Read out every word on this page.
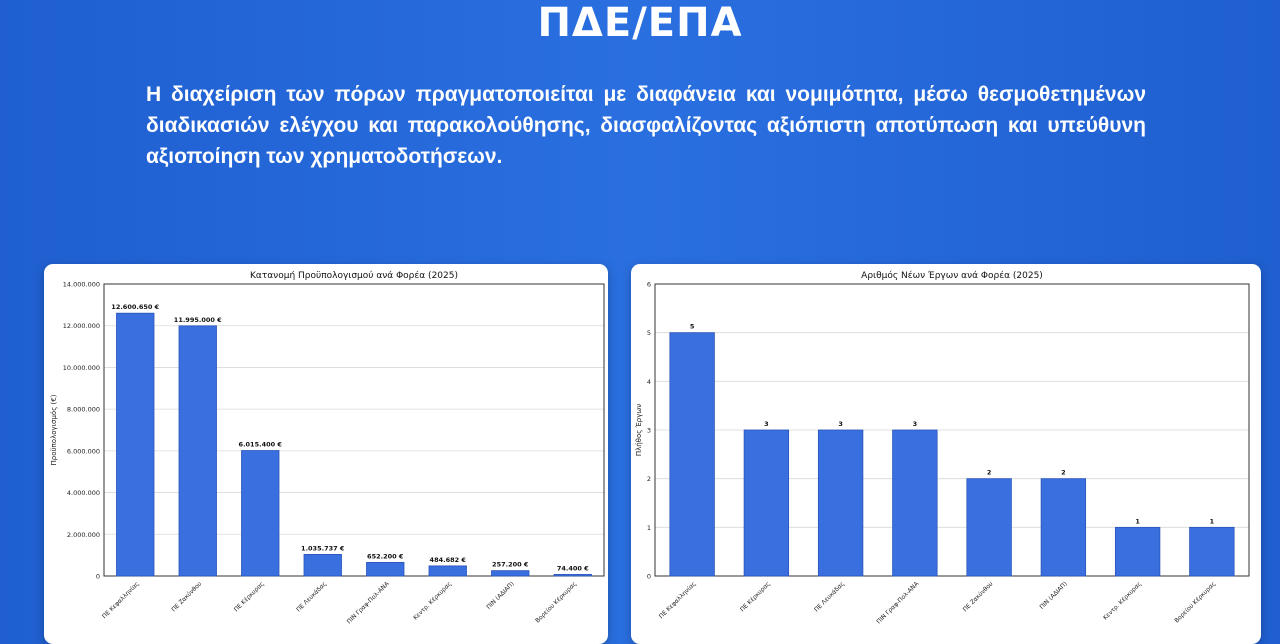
ΠΔΕ/ΕΠΑ
Η διαχείριση των πόρων πραγματοποιείται με διαφάνεια και νομιμότητα, μέσω θεσμοθετημένων διαδικασιών ελέγχου και παρακολούθησης, διασφαλίζοντας αξιόπιστη αποτύπωση και υπεύθυνη αξιοποίηση των χρηματοδοτήσεων.
Κατανομή Προϋπολογισμού ανά Φορέα (2025)
0
2.000.000
4.000.000
6.000.000
8.000.000
10.000.000
12.000.000
14.000.000
Προϋπολογισμός (€)
12.600.650 €
ΠΕ Κεφαλληνίας
11.995.000 €
ΠΕ Ζακύνθου
6.015.400 €
ΠΕ Κέρκυρας
1.035.737 €
ΠΕ Λευκάδας
652.200 €
ΠΙΝ Γραφ-Πολ-ΑΝΑ
484.682 €
Κεντρ. Κέρκυρας
257.200 €
ΠΙΝ (ΑΔΙΑΠ)
74.400 €
Βορείου Κέρκυρας
Αριθμός Νέων Έργων ανά Φορέα (2025)
0
1
2
3
4
5
6
Πλήθος Έργων
5
ΠΕ Κεφαλληνίας
3
ΠΕ Κέρκυρας
3
ΠΕ Λευκάδας
3
ΠΙΝ Γραφ-Πολ-ΑΝΑ
2
ΠΕ Ζακύνθου
2
ΠΙΝ (ΑΔΙΑΠ)
1
Κεντρ. Κέρκυρας
1
Βορείου Κέρκυρας
